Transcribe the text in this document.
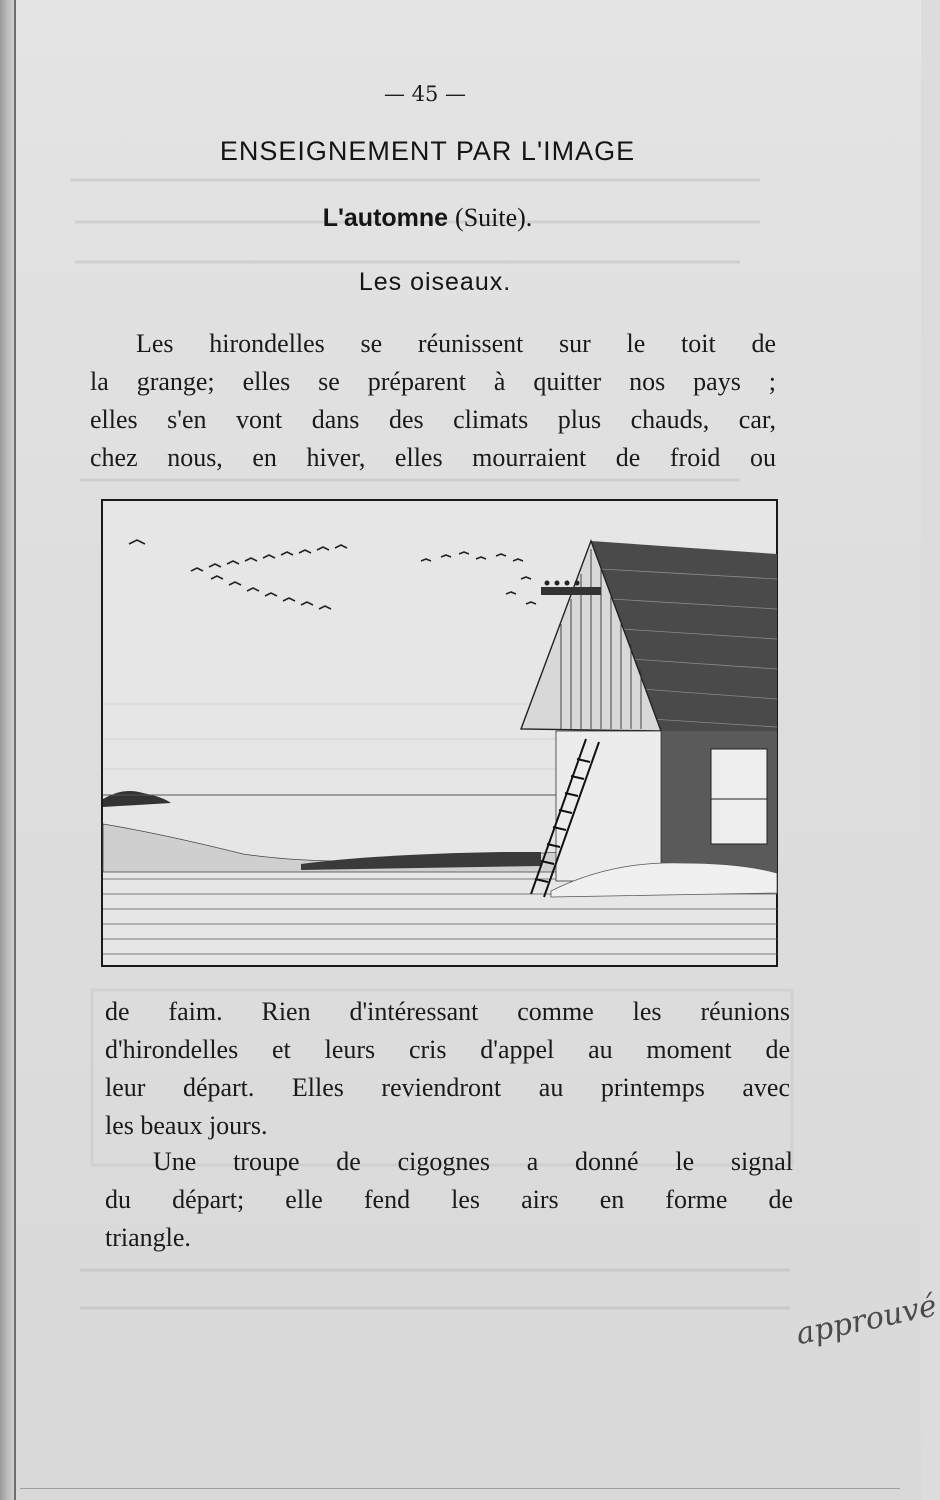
— 45 —
ENSEIGNEMENT PAR L'IMAGE
L'automne (Suite).
Les oiseaux.
Les hirondelles se réunissent sur le toit de
la grange; elles se préparent à quitter nos pays ;
elles s'en vont dans des climats plus chauds, car,
chez nous, en hiver, elles mourraient de froid ou
de faim. Rien d'intéressant comme les réunions
d'hirondelles et leurs cris d'appel au moment de
leur départ. Elles reviendront au printemps avec
les beaux jours.
Une troupe de cigognes a donné le signal
du départ; elle fend les airs en forme de
triangle.
approuvé
